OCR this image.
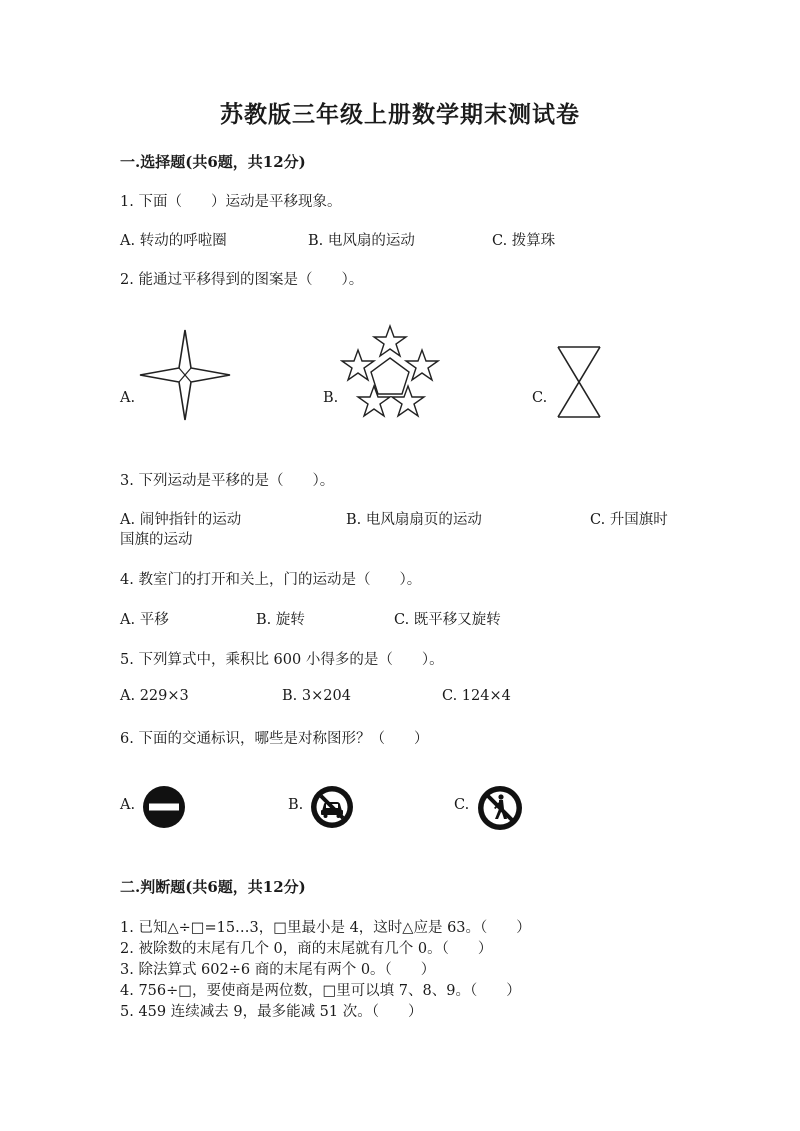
苏教版三年级上册数学期末测试卷
一.选择题(共6题，共12分)
1. 下面（　　）运动是平移现象。
A. 转动的呼啦圈	B. 电风扇的运动	C. 拨算珠
2. 能通过平移得到的图案是（　　）。
A.	B.	C.
3. 下列运动是平移的是（　　）。
A. 闹钟指针的运动	B. 电风扇扇页的运动	C. 升国旗时
国旗的运动
4. 教室门的打开和关上，门的运动是（　　）。
A. 平移	B. 旋转	C. 既平移又旋转
5. 下列算式中，乘积比 600 小得多的是（　　）。
A. 229×3	B. 3×204	C. 124×4
6. 下面的交通标识，哪些是对称图形？（　　）
A.	B.	C.
二.判断题(共6题，共12分)
1. 已知△÷□=15…3，□里最小是 4，这时△应是 63。（　　）
2. 被除数的末尾有几个 0，商的末尾就有几个 0。（　　）
3. 除法算式 602÷6 商的末尾有两个 0。（　　）
4. 756÷□，要使商是两位数，□里可以填 7、8、9。（　　）
5. 459 连续减去 9，最多能减 51 次。（　　）
